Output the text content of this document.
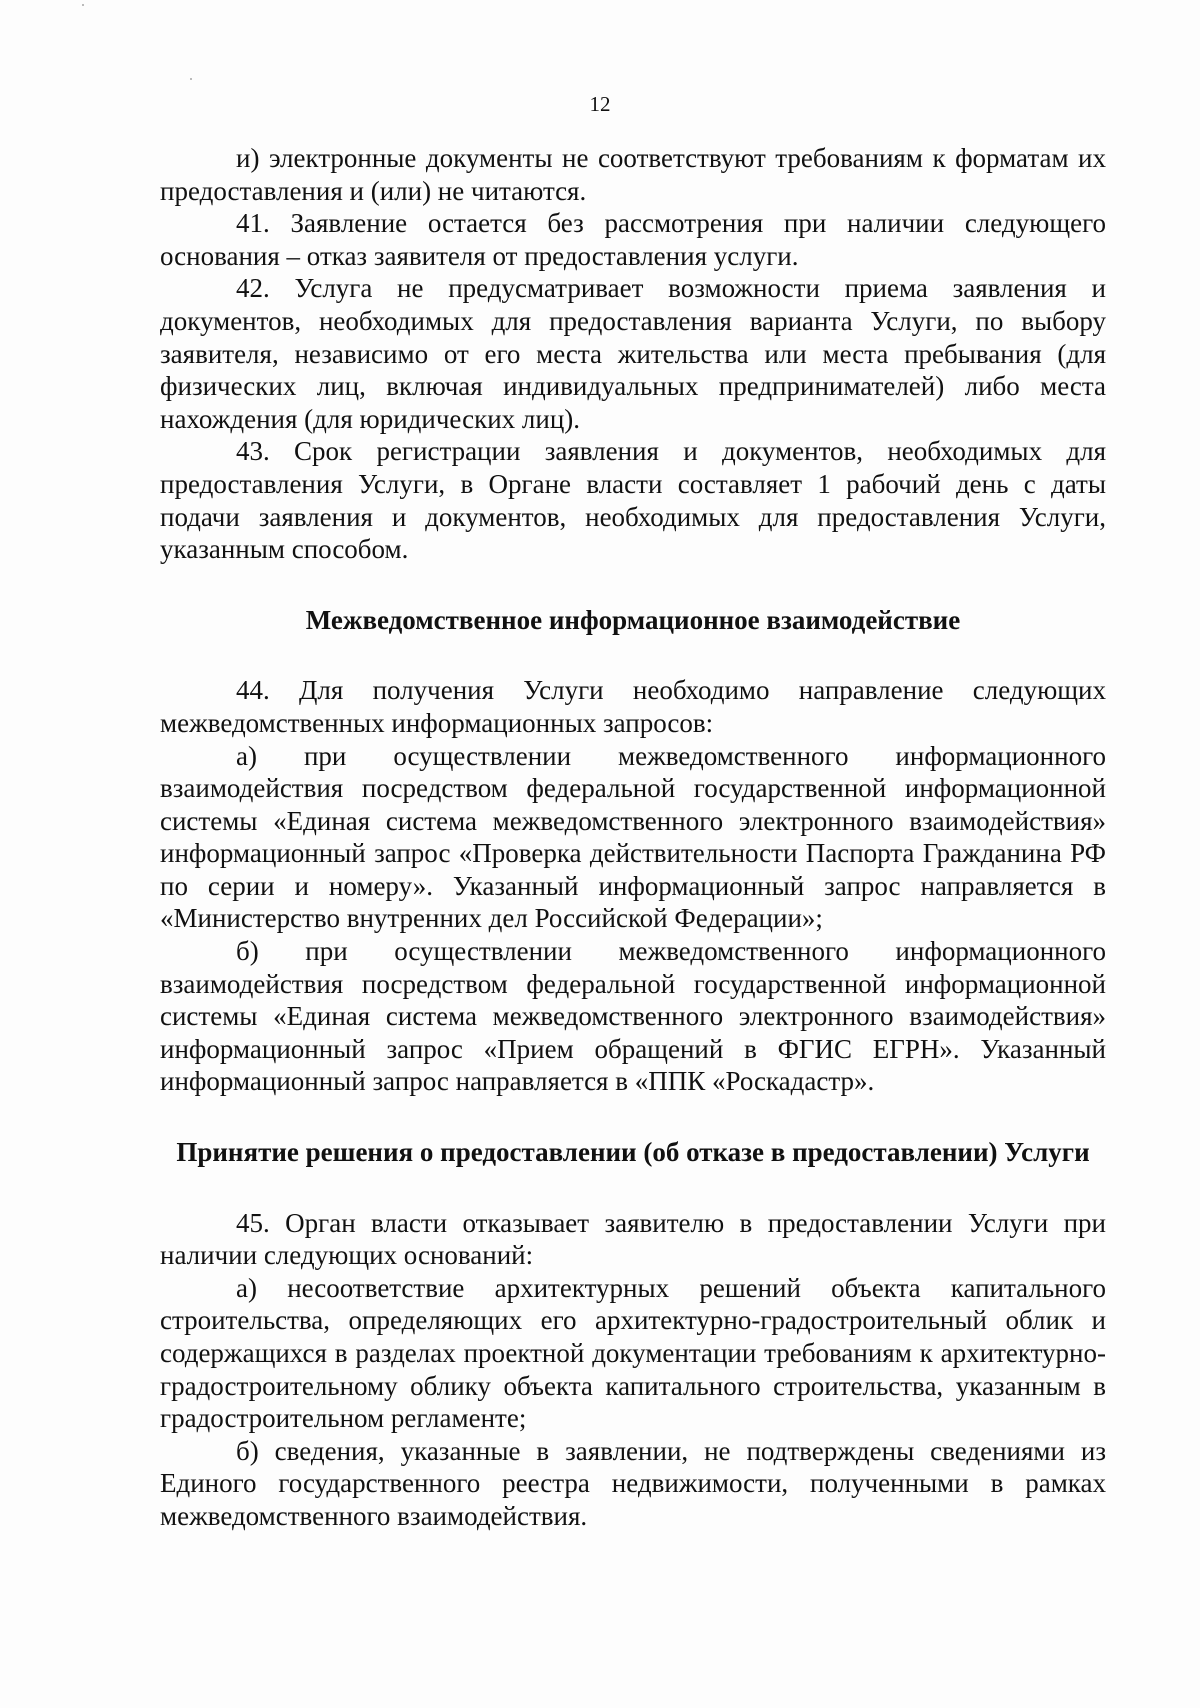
12

и) электронные документы не соответствуют требованиям к форматам их предоставления и (или) не читаются.

41. Заявление остается без рассмотрения при наличии следующего основания – отказ заявителя от предоставления услуги.

42. Услуга не предусматривает возможности приема заявления и документов, необходимых для предоставления варианта Услуги, по выбору заявителя, независимо от его места жительства или места пребывания (для физических лиц, включая индивидуальных предпринимателей) либо места нахождения (для юридических лиц).

43. Срок регистрации заявления и документов, необходимых для предоставления Услуги, в Органе власти составляет 1 рабочий день с даты подачи заявления и документов, необходимых для предоставления Услуги, указанным способом.

Межведомственное информационное взаимодействие

44. Для получения Услуги необходимо направление следующих межведомственных информационных запросов:

а) при осуществлении межведомственного информационного взаимодействия посредством федеральной государственной информационной системы «Единая система межведомственного электронного взаимодействия» информационный запрос «Проверка действительности Паспорта Гражданина РФ по серии и номеру». Указанный информационный запрос направляется в «Министерство внутренних дел Российской Федерации»;

б) при осуществлении межведомственного информационного взаимодействия посредством федеральной государственной информационной системы «Единая система межведомственного электронного взаимодействия» информационный запрос «Прием обращений в ФГИС ЕГРН». Указанный информационный запрос направляется в «ППК «Роскадастр».

Принятие решения о предоставлении (об отказе в предоставлении) Услуги

45. Орган власти отказывает заявителю в предоставлении Услуги при наличии следующих оснований:

а) несоответствие архитектурных решений объекта капитального строительства, определяющих его архитектурно-градостроительный облик и содержащихся в разделах проектной документации требованиям к архитектурно-градостроительному облику объекта капитального строительства, указанным в градостроительном регламенте;

б) сведения, указанные в заявлении, не подтверждены сведениями из Единого государственного реестра недвижимости, полученными в рамках межведомственного взаимодействия.
